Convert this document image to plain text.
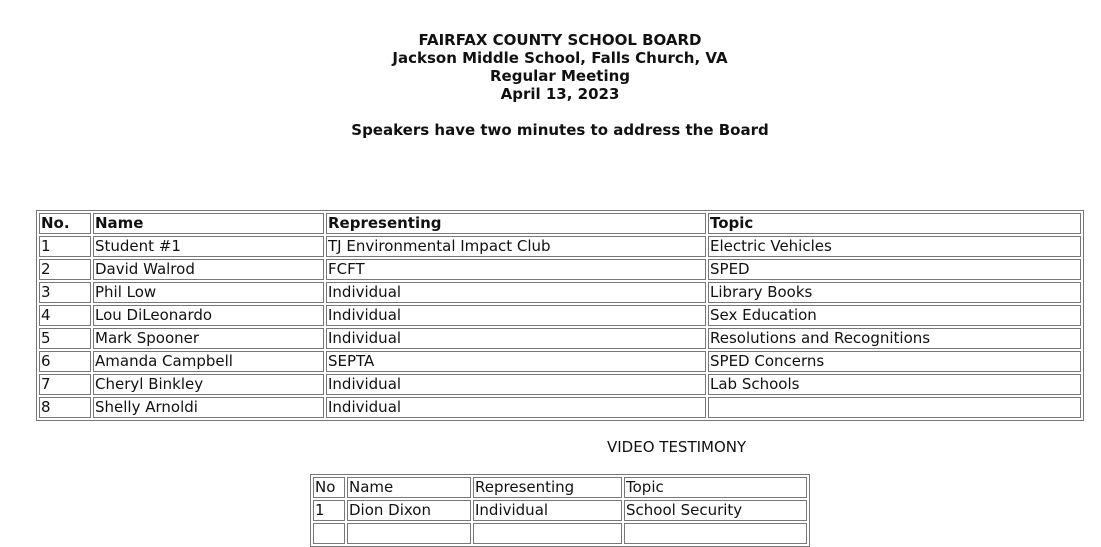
FAIRFAX COUNTY SCHOOL BOARD
Jackson Middle School, Falls Church, VA
Regular Meeting
April 13, 2023
Speakers have two minutes to address the Board
No.	Name	Representing	Topic
1	Student #1	TJ Environmental Impact Club	Electric Vehicles
2	David Walrod	FCFT	SPED
3	Phil Low	Individual	Library Books
4	Lou DiLeonardo	Individual	Sex Education
5	Mark Spooner	Individual	Resolutions and Recognitions
6	Amanda Campbell	SEPTA	SPED Concerns
7	Cheryl Binkley	Individual	Lab Schools
8	Shelly Arnoldi	Individual	
VIDEO TESTIMONY
No	Name	Representing	Topic
1	Dion Dixon	Individual	School Security
